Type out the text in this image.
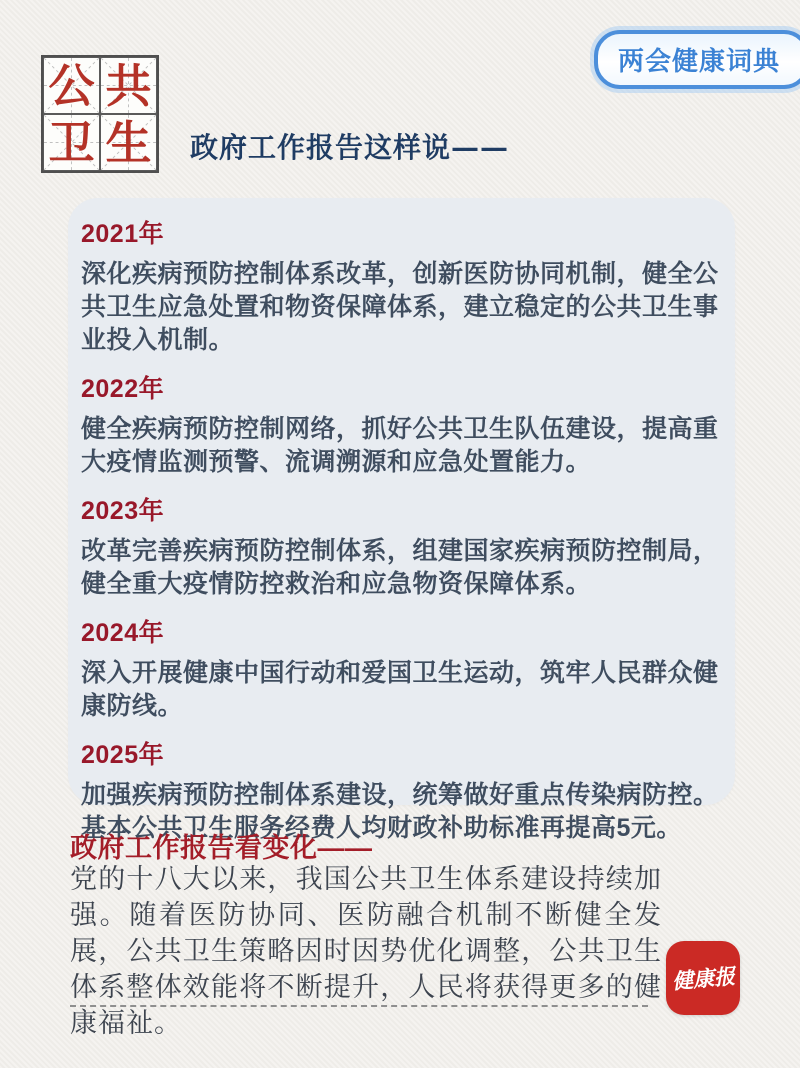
两会健康词典
公 共
卫 生 政府工作报告这样说——
2021年

深化疾病预防控制体系改革，创新医防协同机制，健全公共卫生应急处置和物资保障体系，建立稳定的公共卫生事业投入机制。

2022年

健全疾病预防控制网络，抓好公共卫生队伍建设，提高重大疫情监测预警、流调溯源和应急处置能力。

2023年

改革完善疾病预防控制体系，组建国家疾病预防控制局，健全重大疫情防控救治和应急物资保障体系。

2024年

深入开展健康中国行动和爱国卫生运动，筑牢人民群众健康防线。

2025年

加强疾病预防控制体系建设，统筹做好重点传染病防控。基本公共卫生服务经费人均财政补助标准再提高5元。

政府工作报告看变化——
党的十八大以来，我国公共卫生体系建设持续加强。随着医防协同、医防融合机制不断健全发展，公共卫生策略因时因势优化调整，公共卫生体系整体效能将不断提升，人民将获得更多的健康福祉。
健康报
